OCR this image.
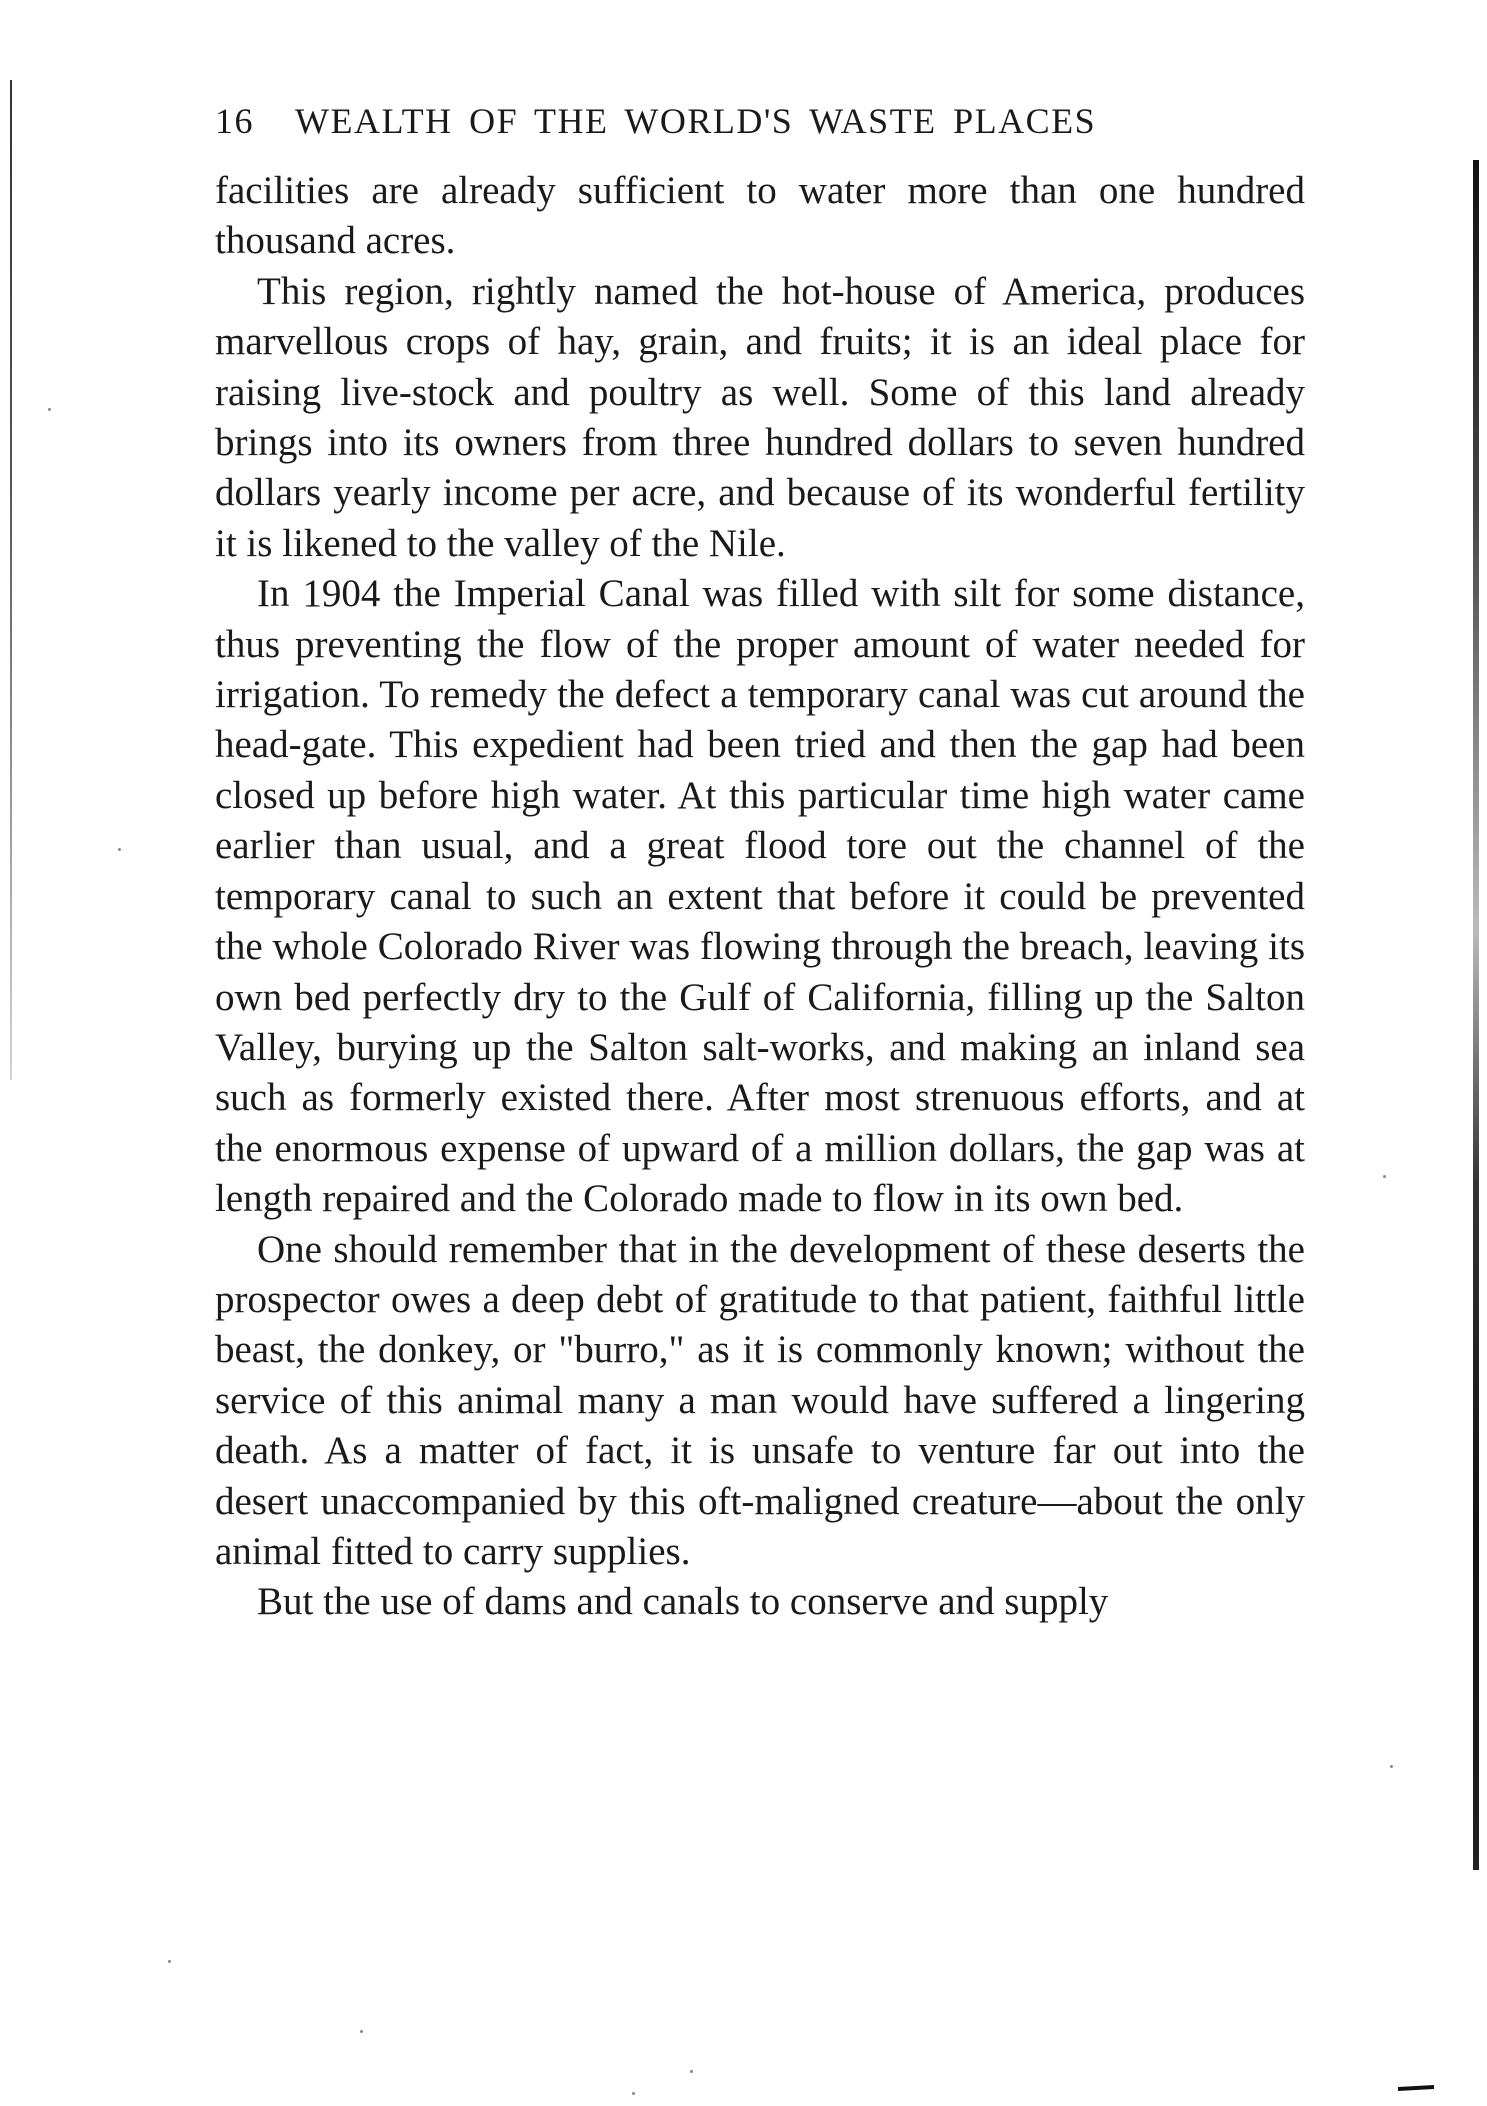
16 WEALTH OF THE WORLD'S WASTE PLACES

facilities are already sufficient to water more than one hundred thousand acres.

This region, rightly named the hot-house of America, produces marvellous crops of hay, grain, and fruits; it is an ideal place for raising live-stock and poultry as well. Some of this land already brings into its owners from three hundred dollars to seven hundred dollars yearly income per acre, and because of its wonderful fertility it is likened to the valley of the Nile.

In 1904 the Imperial Canal was filled with silt for some distance, thus preventing the flow of the proper amount of water needed for irrigation. To remedy the defect a temporary canal was cut around the head-gate. This expedient had been tried and then the gap had been closed up before high water. At this particular time high water came earlier than usual, and a great flood tore out the channel of the temporary canal to such an extent that before it could be prevented the whole Colorado River was flowing through the breach, leaving its own bed perfectly dry to the Gulf of California, filling up the Salton Valley, burying up the Salton salt-works, and making an inland sea such as formerly existed there. After most strenuous efforts, and at the enormous expense of upward of a million dollars, the gap was at length repaired and the Colorado made to flow in its own bed.

One should remember that in the development of these deserts the prospector owes a deep debt of gratitude to that patient, faithful little beast, the donkey, or "burro," as it is commonly known; without the service of this animal many a man would have suffered a lingering death. As a matter of fact, it is unsafe to venture far out into the desert unaccompanied by this oft-maligned creature—about the only animal fitted to carry supplies.

But the use of dams and canals to conserve and supply
